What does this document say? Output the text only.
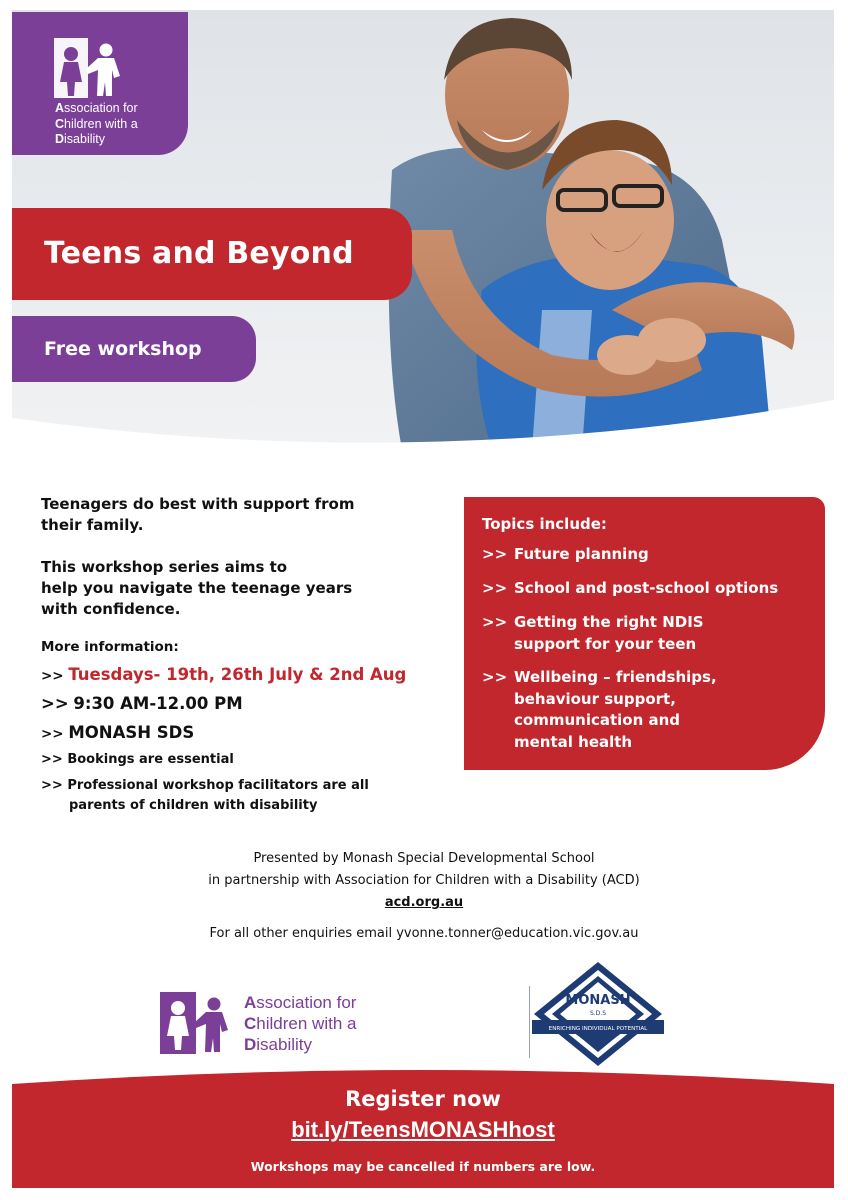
Association for
Children with a
Disability
Teens and Beyond
Free workshop

Teenagers do best with support from
their family.

This workshop series aims to
help you navigate the teenage years
with confidence.

More information:
>> Tuesdays- 19th, 26th July & 2nd Aug
>> 9:30 AM-12.00 PM
>> MONASH SDS
>> Bookings are essential
>> Professional workshop facilitators are all
parents of children with disability
Topics include:
>> Future planning
>> School and post-school options
>> Getting the right NDIS
support for your teen
>> Wellbeing – friendships,
behaviour support,
communication and
mental health
Presented by Monash Special Developmental School
in partnership with Association for Children with a Disability (ACD)
acd.org.au
For all other enquiries email yvonne.tonner@education.vic.gov.au
Association for
Children with a
Disability
MONASH
S.D.S
ENRICHING INDIVIDUAL POTENTIAL
Register now
bit.ly/TeensMONASHhost
Workshops may be cancelled if numbers are low.
